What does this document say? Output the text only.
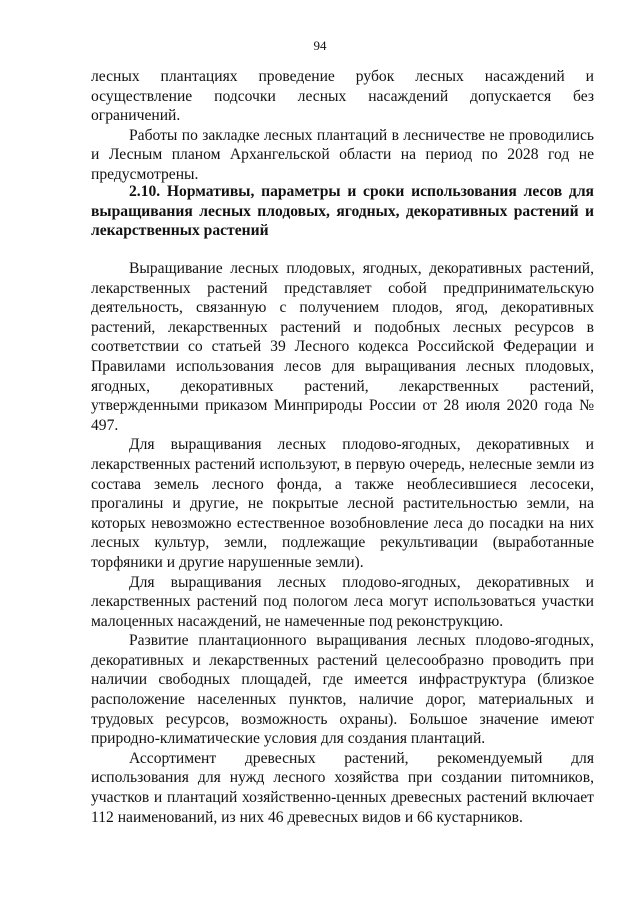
94

лесных плантациях проведение рубок лесных насаждений и осуществление подсочки лесных насаждений допускается без ограничений.

Работы по закладке лесных плантаций в лесничестве не проводились и Лесным планом Архангельской области на период по 2028 год не предусмотрены.

2.10. Нормативы, параметры и сроки использования лесов для выращивания лесных плодовых, ягодных, декоративных растений и лекарственных растений

Выращивание лесных плодовых, ягодных, декоративных растений, лекарственных растений представляет собой предпринимательскую деятельность, связанную с получением плодов, ягод, декоративных растений, лекарственных растений и подобных лесных ресурсов в соответствии со статьей 39 Лесного кодекса Российской Федерации и Правилами использования лесов для выращивания лесных плодовых, ягодных, декоративных растений, лекарственных растений, утвержденными приказом Минприроды России от 28 июля 2020 года № 497.

Для выращивания лесных плодово-ягодных, декоративных и лекарственных растений используют, в первую очередь, нелесные земли из состава земель лесного фонда, а также необлесившиеся лесосеки, прогалины и другие, не покрытые лесной растительностью земли, на которых невозможно естественное возобновление леса до посадки на них лесных культур, земли, подлежащие рекультивации (выработанные торфяники и другие нарушенные земли).

Для выращивания лесных плодово-ягодных, декоративных и лекарственных растений под пологом леса могут использоваться участки малоценных насаждений, не намеченные под реконструкцию.

Развитие плантационного выращивания лесных плодово-ягодных, декоративных и лекарственных растений целесообразно проводить при наличии свободных площадей, где имеется инфраструктура (близкое расположение населенных пунктов, наличие дорог, материальных и трудовых ресурсов, возможность охраны). Большое значение имеют природно-климатические условия для создания плантаций.

Ассортимент древесных растений, рекомендуемый для использования для нужд лесного хозяйства при создании питомников, участков и плантаций хозяйственно-ценных древесных растений включает 112 наименований, из них 46 древесных видов и 66 кустарников.
